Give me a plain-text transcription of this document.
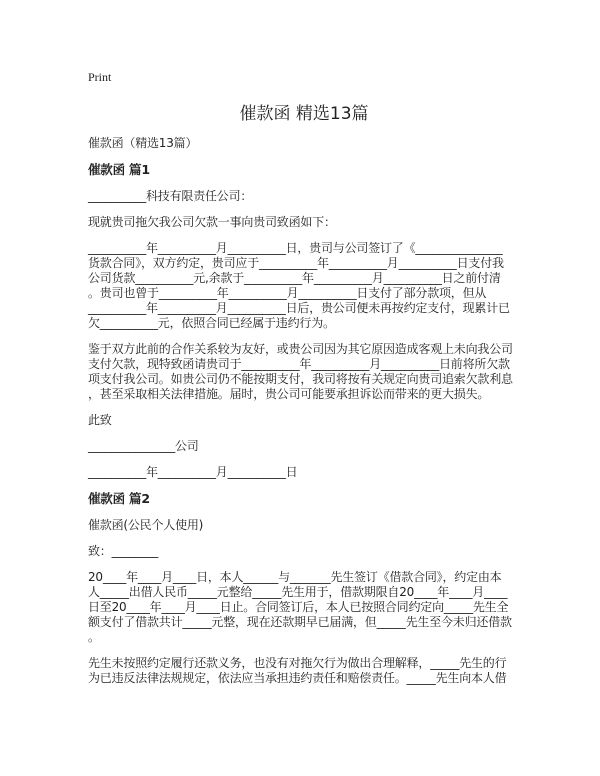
Print
催款函 精选13篇
催款函（精选13篇）
催款函 篇1
__________科技有限责任公司：
现就贵司拖欠我公司欠款一事向贵司致函如下：
__________年__________月__________日，贵司与公司签订了《_______________
货款合同》，双方约定，贵司应于__________年__________月__________日支付我
公司货款__________元,余款于__________年__________月__________日之前付清
。贵司也曾于__________年__________月__________日支付了部分款项，但从
__________年__________月__________日后，贵公司便未再按约定支付，现累计已
欠__________元，依照合同已经属于违约行为。
鉴于双方此前的合作关系较为友好，或贵公司因为其它原因造成客观上未向我公司
支付欠款，现特致函请贵司于__________年__________月__________日前将所欠款
项支付我公司。如贵公司仍不能按期支付，我司将按有关规定向贵司追索欠款利息
，甚至采取相关法律措施。届时，贵公司可能要承担诉讼而带来的更大损失。
此致
_______________公司
__________年__________月__________日
催款函 篇2
催款函(公民个人使用)
致：________
20____年____月____日，本人______与_______先生签订《借款合同》，约定由本
人_____出借人民币_____元整给_____先生用于，借款期限自20____年____月____
日至20____年____月____日止。合同签订后，本人已按照合同约定向_____先生全
额支付了借款共计_____元整，现在还款期早已届满，但_____先生至今未归还借款
。
先生未按照约定履行还款义务，也没有对拖欠行为做出合理解释，_____先生的行
为已违反法律法规规定，依法应当承担违约责任和赔偿责任。_____先生向本人借
